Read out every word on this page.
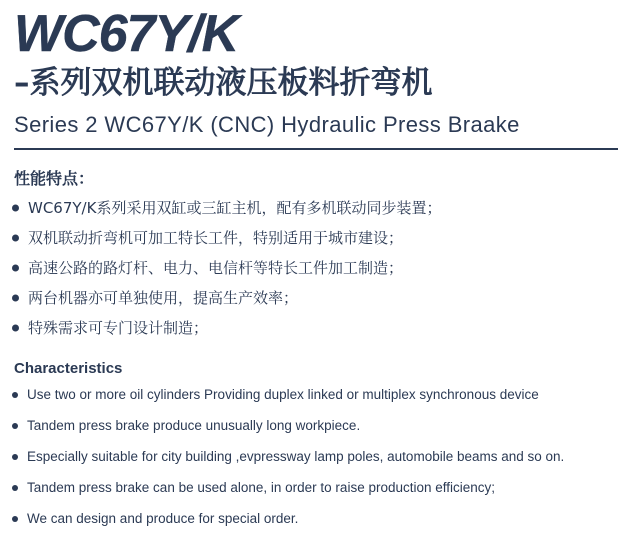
WC67Y/K
–系列双机联动液压板料折弯机
Series 2 WC67Y/K (CNC) Hydraulic Press Braake
性能特点：
WC67Y/K系列采用双缸或三缸主机，配有多机联动同步装置；
双机联动折弯机可加工特长工件，特别适用于城市建设；
高速公路的路灯杆、电力、电信杆等特长工件加工制造；
两台机器亦可单独使用，提高生产效率；
特殊需求可专门设计制造；
Characteristics
Use two or more oil cylinders Providing duplex linked or multiplex synchronous device
Tandem press brake produce unusually long workpiece.
Especially suitable for city building ,evpressway lamp poles, automobile beams and so on.
Tandem press brake can be used alone, in order to raise production efficiency;
We can design and produce for special order.
